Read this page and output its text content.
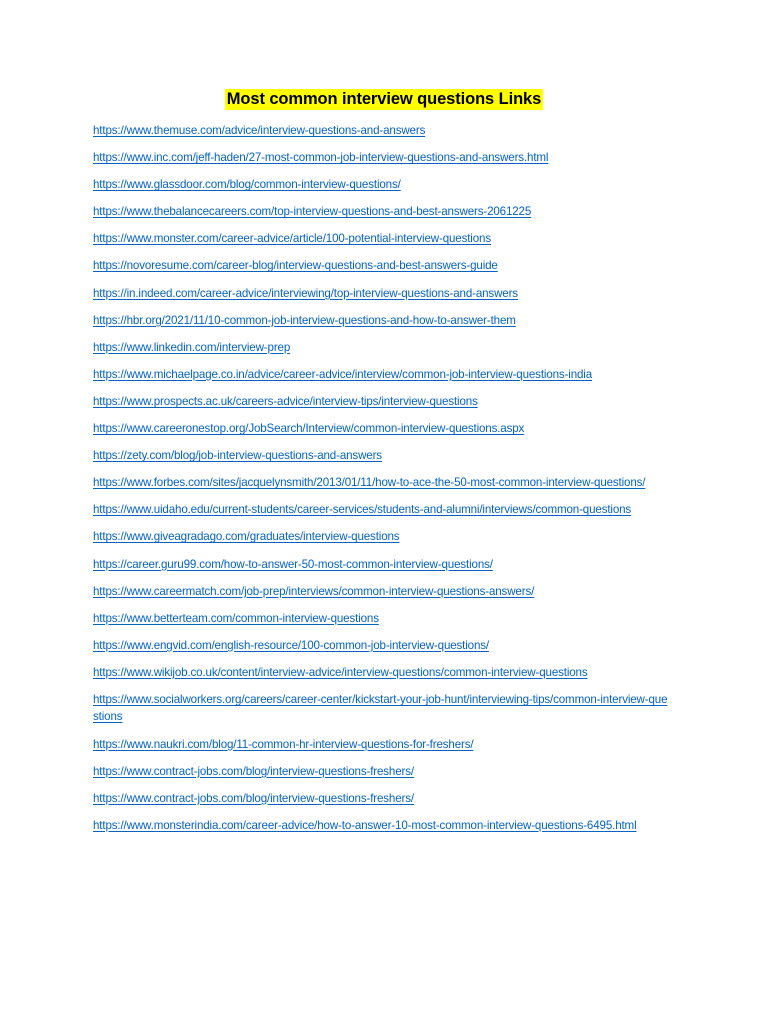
Most common interview questions Links
https://www.themuse.com/advice/interview-questions-and-answers
https://www.inc.com/jeff-haden/27-most-common-job-interview-questions-and-answers.html
https://www.glassdoor.com/blog/common-interview-questions/
https://www.thebalancecareers.com/top-interview-questions-and-best-answers-2061225
https://www.monster.com/career-advice/article/100-potential-interview-questions
https://novoresume.com/career-blog/interview-questions-and-best-answers-guide
https://in.indeed.com/career-advice/interviewing/top-interview-questions-and-answers
https://hbr.org/2021/11/10-common-job-interview-questions-and-how-to-answer-them
https://www.linkedin.com/interview-prep
https://www.michaelpage.co.in/advice/career-advice/interview/common-job-interview-questions-india
https://www.prospects.ac.uk/careers-advice/interview-tips/interview-questions
https://www.careeronestop.org/JobSearch/Interview/common-interview-questions.aspx
https://zety.com/blog/job-interview-questions-and-answers
https://www.forbes.com/sites/jacquelynsmith/2013/01/11/how-to-ace-the-50-most-common-interview-questions/
https://www.uidaho.edu/current-students/career-services/students-and-alumni/interviews/common-questions
https://www.giveagradago.com/graduates/interview-questions
https://career.guru99.com/how-to-answer-50-most-common-interview-questions/
https://www.careermatch.com/job-prep/interviews/common-interview-questions-answers/
https://www.betterteam.com/common-interview-questions
https://www.engvid.com/english-resource/100-common-job-interview-questions/
https://www.wikijob.co.uk/content/interview-advice/interview-questions/common-interview-questions
https://www.socialworkers.org/careers/career-center/kickstart-your-job-hunt/interviewing-tips/common-interview-questions
https://www.naukri.com/blog/11-common-hr-interview-questions-for-freshers/
https://www.contract-jobs.com/blog/interview-questions-freshers/
https://www.contract-jobs.com/blog/interview-questions-freshers/
https://www.monsterindia.com/career-advice/how-to-answer-10-most-common-interview-questions-6495.html
